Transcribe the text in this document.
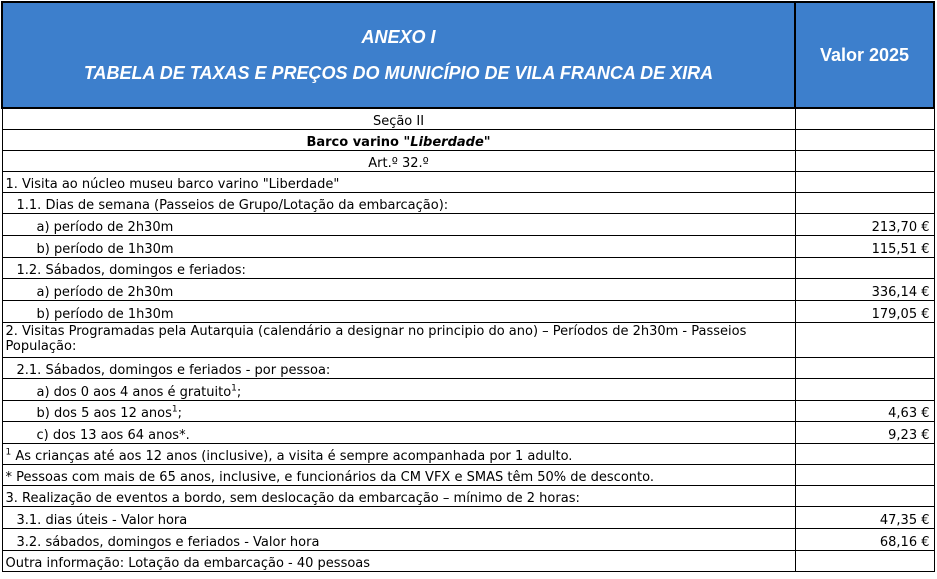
ANEXO I
TABELA DE TAXAS E PREÇOS DO MUNICÍPIO DE VILA FRANCA DE XIRA	Valor 2025
Seção II	
Barco varino "Liberdade"	
Art.º 32.º	
1. Visita ao núcleo museu barco varino "Liberdade"	
1.1. Dias de semana (Passeios de Grupo/Lotação da embarcação):	
a) período de 2h30m	213,70 €
b) período de 1h30m	115,51 €
1.2. Sábados, domingos e feriados:	
a) período de 2h30m	336,14 €
b) período de 1h30m	179,05 €
2. Visitas Programadas pela Autarquia (calendário a designar no principio do ano) – Períodos de 2h30m - Passeios População:	
2.1. Sábados, domingos e feriados - por pessoa:	
a) dos 0 aos 4 anos é gratuito$^1$;	
b) dos 5 aos 12 anos$^1$;	4,63 €
c) dos 13 aos 64 anos*.	9,23 €
$^1$ As crianças até aos 12 anos (inclusive), a visita é sempre acompanhada por 1 adulto.	
* Pessoas com mais de 65 anos, inclusive, e funcionários da CM VFX e SMAS têm 50% de desconto.	
3. Realização de eventos a bordo, sem deslocação da embarcação – mínimo de 2 horas:	
3.1. dias úteis - Valor hora	47,35 €
3.2. sábados, domingos e feriados - Valor hora	68,16 €
Outra informação: Lotação da embarcação - 40 pessoas	
